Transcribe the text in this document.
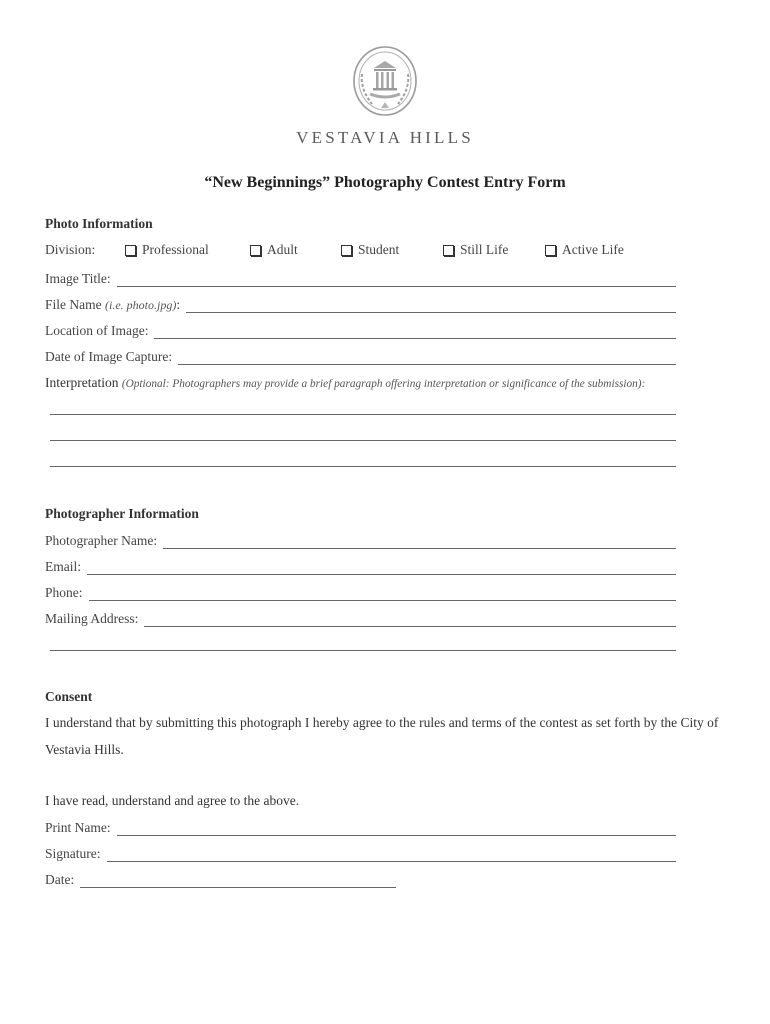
VESTAVIA HILLS
“New Beginnings” Photography Contest Entry Form
Photo Information
Division:	Professional	Adult	Student	Still Life	Active Life
Image Title:
File Name (i.e. photo.jpg):
Location of Image:
Date of Image Capture:
Interpretation (Optional: Photographers may provide a brief paragraph offering interpretation or significance of the submission):
Photographer Information
Photographer Name:
Email:
Phone:
Mailing Address:
Consent
I understand that by submitting this photograph I hereby agree to the rules and terms of the contest as set forth by the City of Vestavia Hills.
I have read, understand and agree to the above.
Print Name:
Signature:
Date:
